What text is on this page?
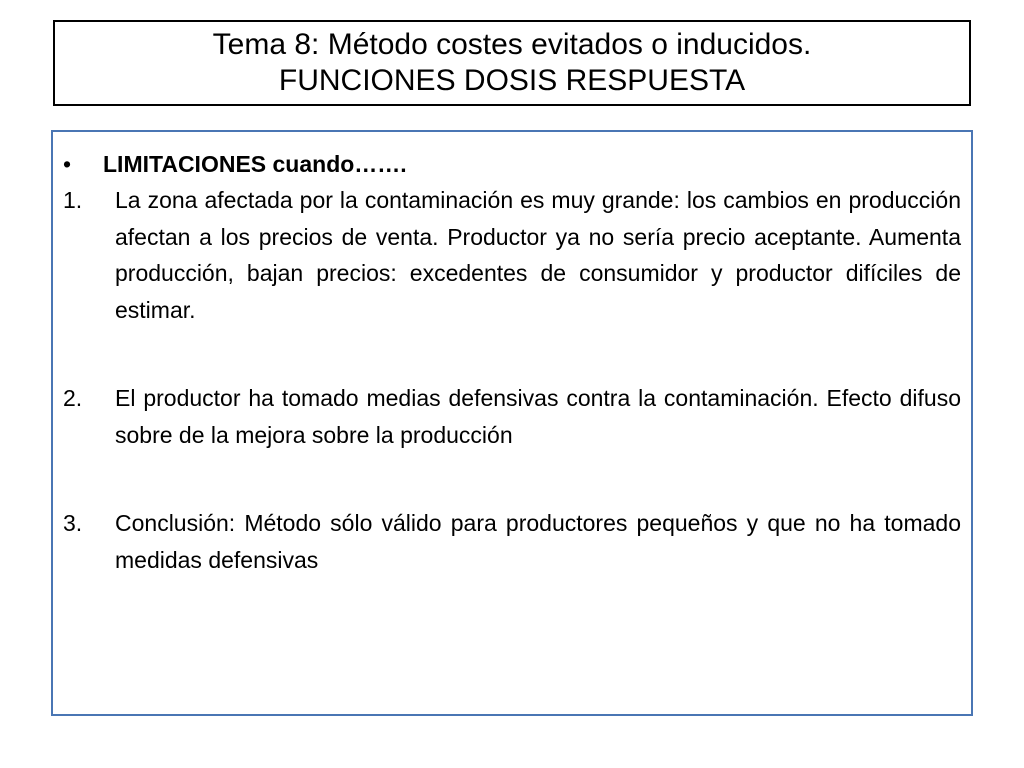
Tema 8: Método costes evitados o inducidos.
FUNCIONES DOSIS RESPUESTA
•	LIMITACIONES cuando…….
1.	La zona afectada por la contaminación es muy grande: los cambios en producción afectan a los precios de venta. Productor ya no sería precio aceptante. Aumenta producción, bajan precios: excedentes de consumidor y productor difíciles de estimar.
2.	El productor ha tomado medias defensivas contra la contaminación. Efecto difuso sobre de la mejora sobre la producción
3.	Conclusión: Método sólo válido para productores pequeños y que no ha tomado medidas defensivas
